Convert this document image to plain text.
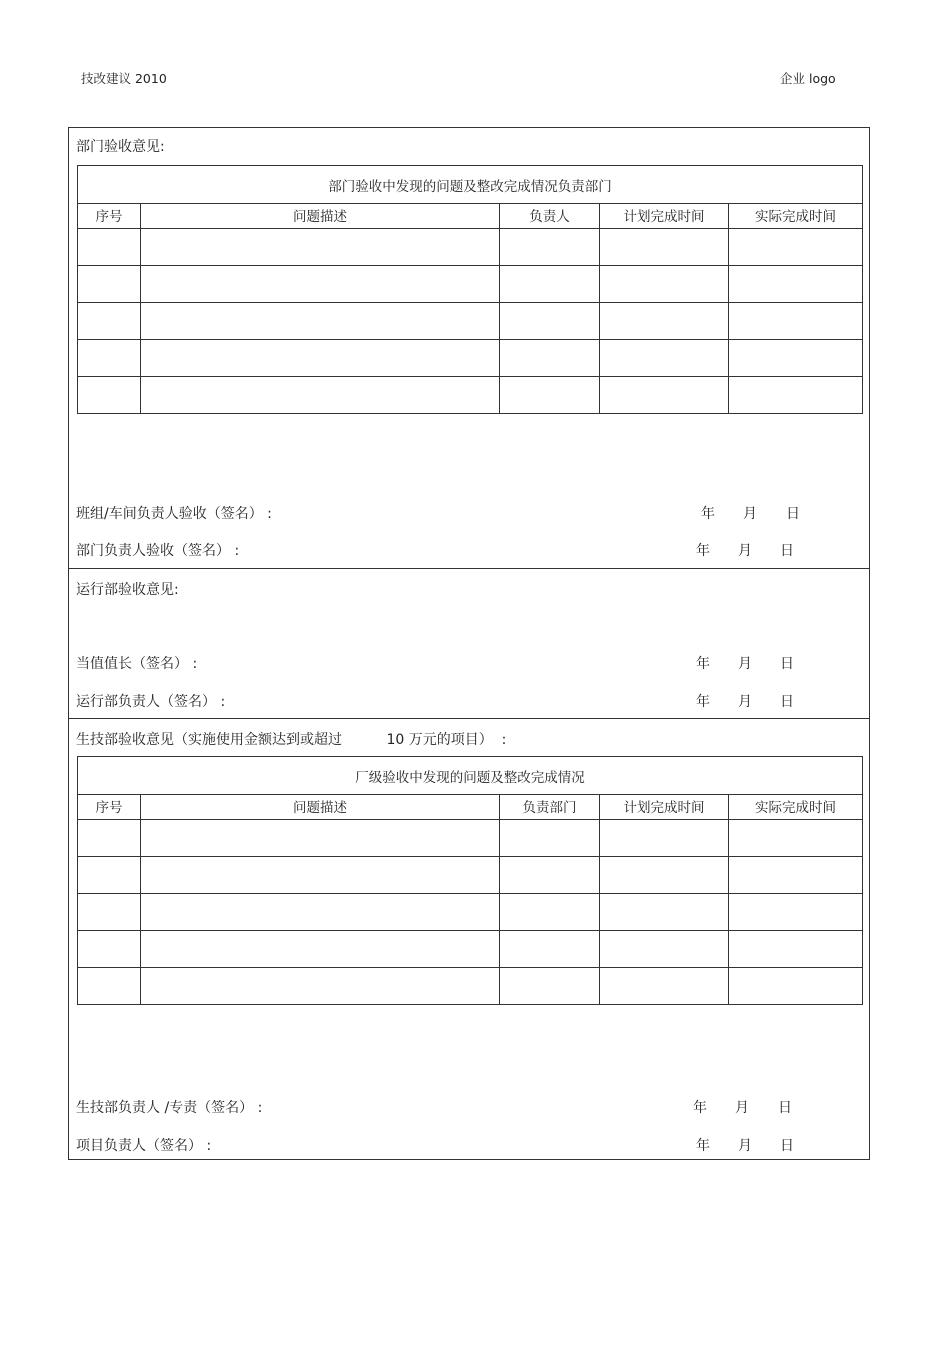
技改建议 2010	企业 logo
部门验收意见:
部门验收中发现的问题及整改完成情况负责部门				
序号	问题描述	负责人	计划完成时间	实际完成时间

班组/车间负责人验收（签名） :	年 月 日
部门负责人验收（签名） :	年 月 日
运行部验收意见:
当值值长（签名） :	年 月 日
运行部负责人（签名） :	年 月 日
生技部验收意见（实施使用金额达到或超过          10 万元的项目）  :
厂级验收中发现的问题及整改完成情况				
序号	问题描述	负责部门	计划完成时间	实际完成时间

生技部负责人 /专责（签名） :	年 月 日
项目负责人（签名） :	年 月 日
